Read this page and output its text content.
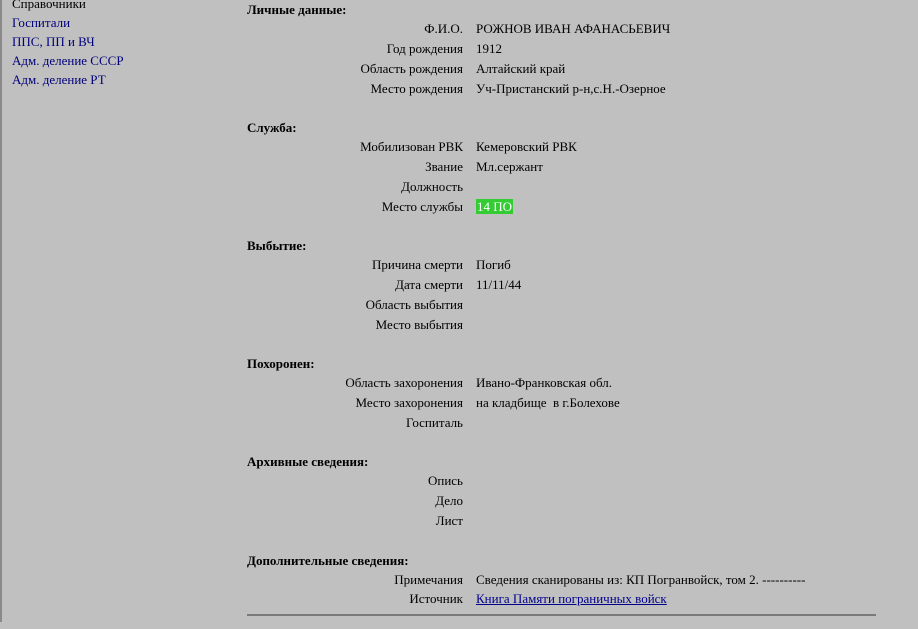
Справочники
Госпитали
ППС, ПП и ВЧ
Адм. деление СССР
Адм. деление РТ
Личные данные:
Ф.И.О. РОЖНОВ ИВАН АФАНАСЬЕВИЧ
Год рождения 1912
Область рождения Алтайский край
Место рождения Уч-Пристанский р-н,с.Н.-Озерное
Служба:
Мобилизован РВК Кемеровский РВК
Звание Мл.сержант
Должность
Место службы 14 ПО
Выбытие:
Причина смерти Погиб
Дата смерти 11/11/44
Область выбытия
Место выбытия
Похоронен:
Область захоронения Ивано-Франковская обл.
Место захоронения на кладбище  в г.Болехове
Госпиталь
Архивные сведения:
Опись
Дело
Лист
Дополнительные сведения:
Примечания Сведения сканированы из: КП Погранвойск, том 2. ----------
Источник Книга Памяти пограничных войск
